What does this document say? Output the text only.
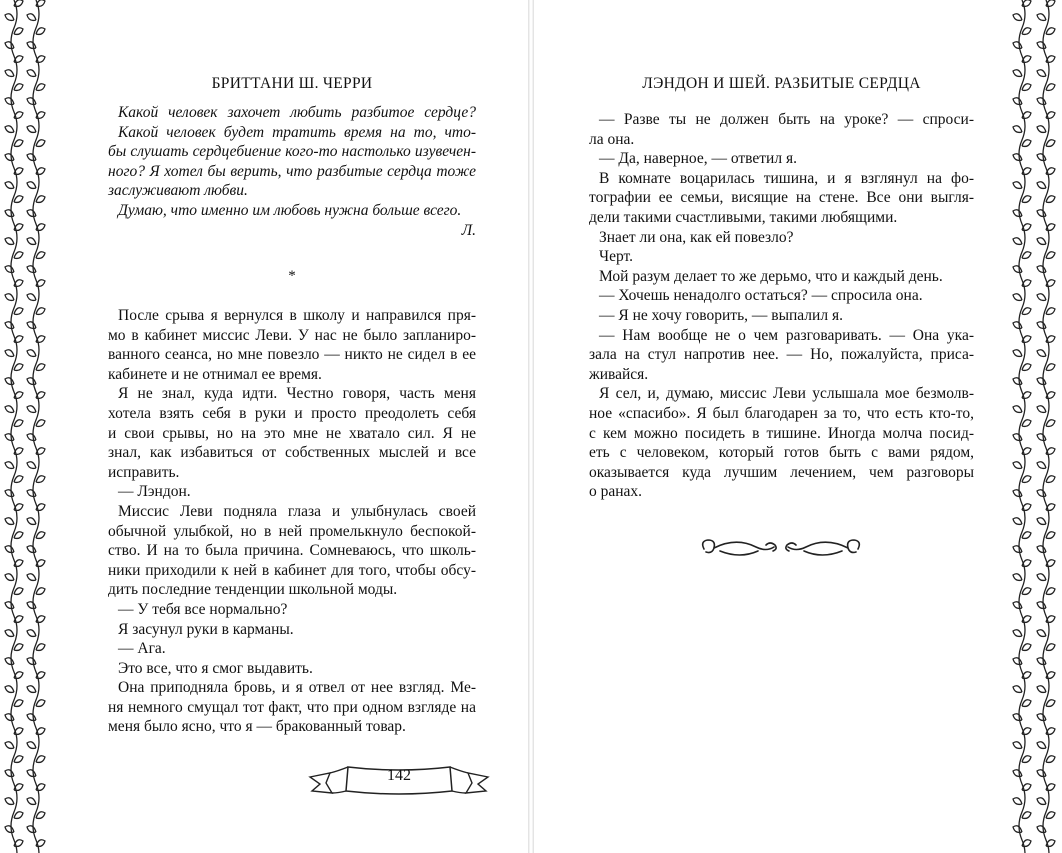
БРИТТАНИ Ш. ЧЕРРИ
Какой человек захочет любить разбитое сердце?
Какой человек будет тратить время на то, что-
бы слушать сердцебиение кого-то настолько изувечен-
ного? Я хотел бы верить, что разбитые сердца тоже
заслуживают любви.
Думаю, что именно им любовь нужна больше всего.
Л.
*

После срыва я вернулся в школу и направился пря-
мо в кабинет миссис Леви. У нас не было запланиро-
ванного сеанса, но мне повезло — никто не сидел в ее
кабинете и не отнимал ее время.

Я не знал, куда идти. Честно говоря, часть меня
хотела взять себя в руки и просто преодолеть себя
и свои срывы, но на это мне не хватало сил. Я не
знал, как избавиться от собственных мыслей и все
исправить.

— Лэндон.

Миссис Леви подняла глаза и улыбнулась своей
обычной улыбкой, но в ней промелькнуло беспокой-
ство. И на то была причина. Сомневаюсь, что школь-
ники приходили к ней в кабинет для того, чтобы обсу-
дить последние тенденции школьной моды.

— У тебя все нормально?

Я засунул руки в карманы.

— Ага.

Это все, что я смог выдавить.

Она приподняла бровь, и я отвел от нее взгляд. Ме-
ня немного смущал тот факт, что при одном взгляде на
меня было ясно, что я — бракованный товар.

142
ЛЭНДОН И ШЕЙ. РАЗБИТЫЕ СЕРДЦА

— Разве ты не должен быть на уроке? — спроси-
ла она.

— Да, наверное, — ответил я.

В комнате воцарилась тишина, и я взглянул на фо-
тографии ее семьи, висящие на стене. Все они выгля-
дели такими счастливыми, такими любящими.

Знает ли она, как ей повезло?

Черт.

Мой разум делает то же дерьмо, что и каждый день.

— Хочешь ненадолго остаться? — спросила она.

— Я не хочу говорить, — выпалил я.

— Нам вообще не о чем разговаривать. — Она ука-
зала на стул напротив нее. — Но, пожалуйста, приса-
живайся.

Я сел, и, думаю, миссис Леви услышала мое безмолв-
ное «спасибо». Я был благодарен за то, что есть кто-то,
с кем можно посидеть в тишине. Иногда молча посид-
еть с человеком, который готов быть с вами рядом,
оказывается куда лучшим лечением, чем разговоры
о ранах.
